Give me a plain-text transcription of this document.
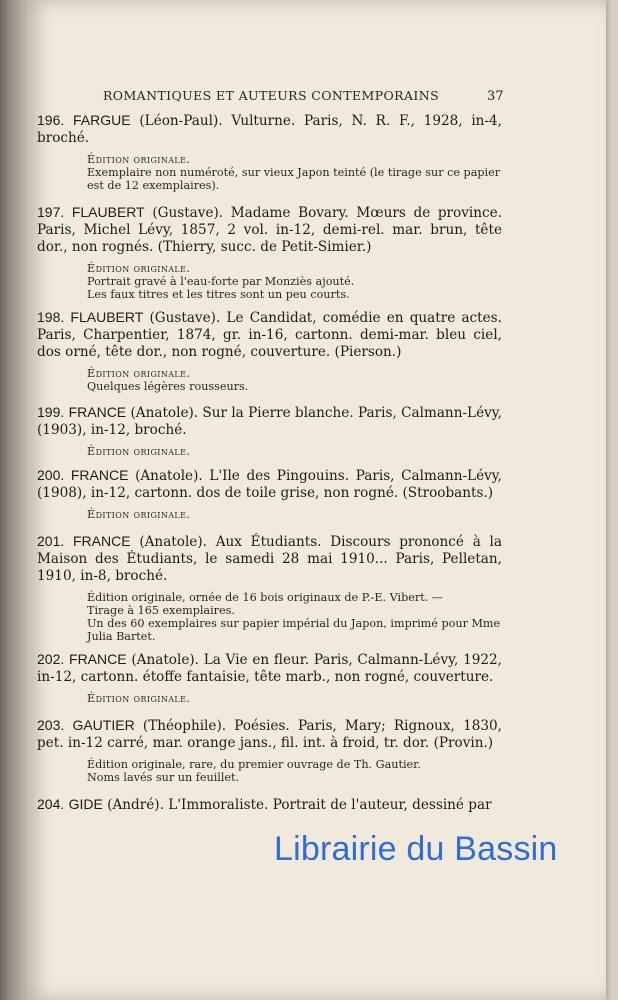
ROMANTIQUES ET AUTEURS CONTEMPORAINS	37

196. FARGUE (Léon-Paul). Vulturne. Paris, N. R. F., 1928, in-4, broché.

Édition originale.
Exemplaire non numéroté, sur vieux Japon teinté (le tirage sur ce papier est de 12 exemplaires).

197. FLAUBERT (Gustave). Madame Bovary. Mœurs de province. Paris, Michel Lévy, 1857, 2 vol. in-12, demi-rel. mar. brun, tête dor., non rognés. (Thierry, succ. de Petit-Simier.)

Édition originale.
Portrait gravé à l'eau-forte par Monziès ajouté.
Les faux titres et les titres sont un peu courts.

198. FLAUBERT (Gustave). Le Candidat, comédie en quatre actes. Paris, Charpentier, 1874, gr. in-16, cartonn. demi-mar. bleu ciel, dos orné, tête dor., non rogné, couverture. (Pierson.)

Édition originale.
Quelques légères rousseurs.

199. FRANCE (Anatole). Sur la Pierre blanche. Paris, Calmann-Lévy, (1903), in-12, broché.

Édition originale.

200. FRANCE (Anatole). L'Ile des Pingouins. Paris, Calmann-Lévy, (1908), in-12, cartonn. dos de toile grise, non rogné. (Stroobants.)

Édition originale.

201. FRANCE (Anatole). Aux Étudiants. Discours prononcé à la Maison des Étudiants, le samedi 28 mai 1910... Paris, Pelletan, 1910, in-8, broché.

Édition originale, ornée de 16 bois originaux de P.-E. Vibert. —
Tirage à 165 exemplaires.
Un des 60 exemplaires sur papier impérial du Japon, imprimé pour Mme Julia Bartet.

202. FRANCE (Anatole). La Vie en fleur. Paris, Calmann-Lévy, 1922, in-12, cartonn. étoffe fantaisie, tête marb., non rogné, couverture.

Édition originale.

203. GAUTIER (Théophile). Poésies. Paris, Mary; Rignoux, 1830, pet. in-12 carré, mar. orange jans., fil. int. à froid, tr. dor. (Provin.)

Édition originale, rare, du premier ouvrage de Th. Gautier.
Noms lavés sur un feuillet.

204. GIDE (André). L'Immoraliste. Portrait de l'auteur, dessiné par

Librairie du Bassin
